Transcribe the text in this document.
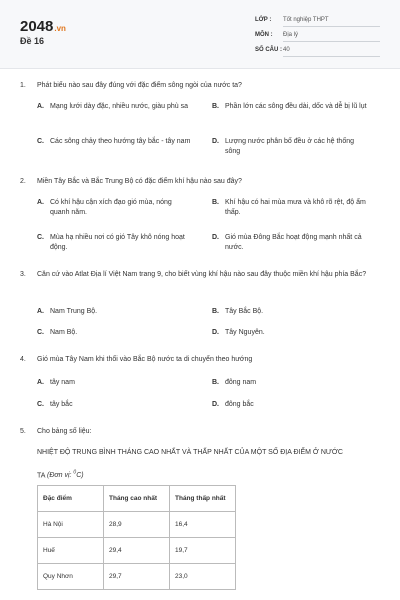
2048.vn
Đề 16
LỚP : Tốt nghiệp THPT
MÔN : Địa lý
SỐ CÂU : 40
1. Phát biểu nào sau đây đúng với đặc điểm sông ngòi của nước ta?
A. Mạng lưới dày đặc, nhiều nước, giàu phù sa	B. Phần lớn các sông đều dài, dốc và dễ bị lũ lụt
C. Các sông chảy theo hướng tây bắc - tây nam	D. Lượng nước phân bố đều ở các hệ thống sông
2. Miền Tây Bắc và Bắc Trung Bộ có đặc điểm khí hậu nào sau đây?
A. Có khí hậu cận xích đạo gió mùa, nóng quanh năm.
B. Khí hậu có hai mùa mưa và khô rõ rệt, độ ẩm thấp.
C. Mùa hạ nhiều nơi có gió Tây khô nóng hoạt động.
D. Gió mùa Đông Bắc hoạt động mạnh nhất cả nước.
3. Căn cứ vào Atlat Địa lí Việt Nam trang 9, cho biết vùng khí hậu nào sau đây thuộc miền khí hậu phía Bắc?
A. Nam Trung Bộ.	B. Tây Bắc Bộ.
C. Nam Bộ.	D. Tây Nguyên.
4. Gió mùa Tây Nam khi thổi vào Bắc Bộ nước ta di chuyển theo hướng
A. tây nam	B. đông nam
C. tây bắc	D. đông bắc
5. Cho bảng số liệu:
NHIỆT ĐỘ TRUNG BÌNH THÁNG CAO NHẤT VÀ THẤP NHẤT CỦA MỘT SỐ ĐỊA ĐIỂM Ở NƯỚC
TA (Đơn vị: $^0$C)
Đặc điểm	Tháng cao nhất	Tháng thấp nhất
Hà Nội	28,9	16,4
Huế	29,4	19,7
Quy Nhơn	29,7	23,0
